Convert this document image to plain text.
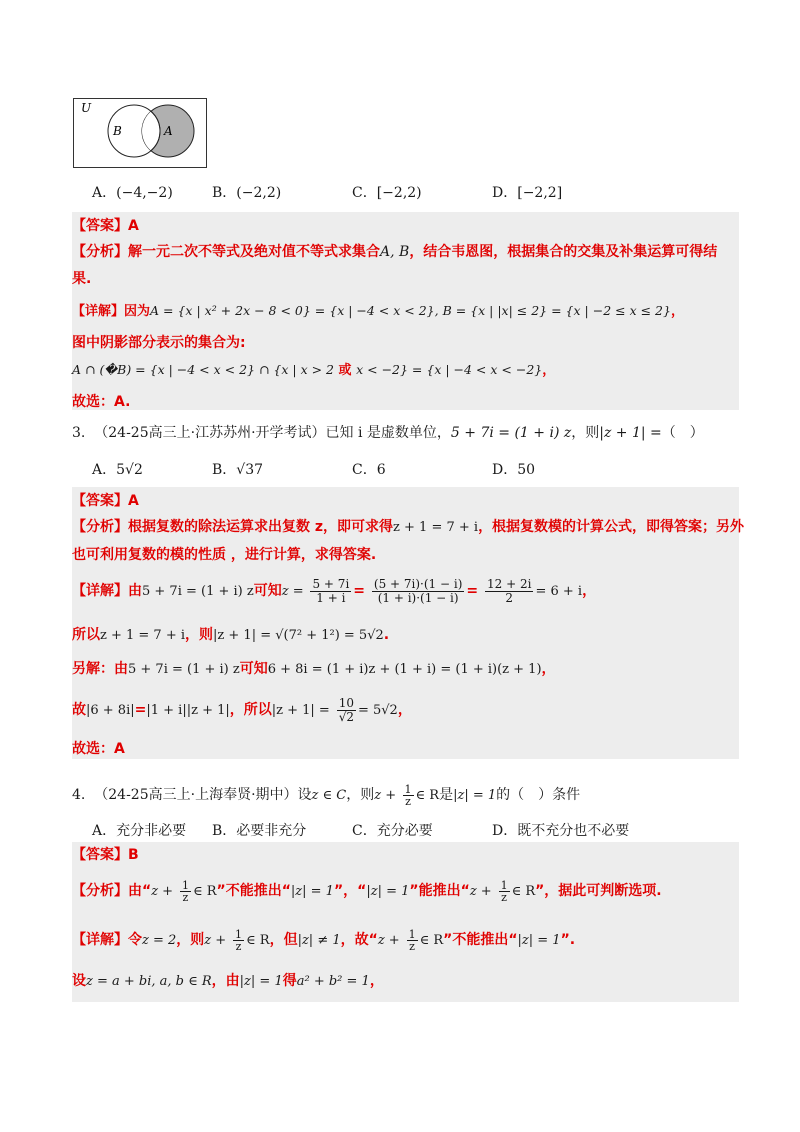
U
B	A
A．(−4,−2)	B．(−2,2)	C．[−2,2)	D．[−2,2]
【答案】A
【分析】解一元二次不等式及绝对值不等式求集合A, B，结合韦恩图，根据集合的交集及补集运算可得结
果.
【详解】因为A = {x | x² + 2x − 8 < 0} = {x | −4 < x < 2}, B = {x | |x| ≤ 2} = {x | −2 ≤ x ≤ 2}，
图中阴影部分表示的集合为:
A ∩ (�B) = {x | −4 < x < 2} ∩ {x | x > 2 或 x < −2} = {x | −4 < x < −2}，
故选：A.
3. （24-25高三上·江苏苏州·开学考试）已知 i 是虚数单位，5 + 7i = (1 + i) z，则|z + 1| =（　）
A．5√2	B．√37	C．6	D．50
【答案】A
【分析】根据复数的除法运算求出复数 z，即可求得z + 1 = 7 + i，根据复数模的计算公式，即得答案；另外
也可利用复数的模的性质 ，进行计算，求得答案.
【详解】由5 + 7i = (1 + i) z可知$z = \frac{5 + 7i}{1 + i} = \frac{(5 + 7i)\cdot(1 - i)}{(1 + i)\cdot(1 - i)} = \frac{12 + 2i}{2} = 6 + i$，
所以z + 1 = 7 + i，则|z + 1| = √(7² + 1²) = 5√2.
另解：由5 + 7i = (1 + i) z可知6 + 8i = (1 + i)z + (1 + i) = (1 + i)(z + 1)，
故|6 + 8i|=|1 + i||z + 1|，所以$|z + 1| = \frac{10}{√2} = 5√2$，
故选：A
4. （24-25高三上·上海奉贤·期中）设z ∈ C，则$z + \frac{1}{z}$ ∈ R是|z| = 1的（　）条件
A．充分非必要 B．必要非充分	C．充分必要	D．既不充分也不必要
【答案】B
【分析】由“$z + \frac{1}{z}$ ∈ R”不能推出“|z| = 1”，“|z| = 1”能推出“$z + \frac{1}{z}$ ∈ R”，据此可判断选项.
【详解】令z = 2，则$z + \frac{1}{z}$ ∈ R，但|z| ≠ 1，故“$z + \frac{1}{z}$ ∈ R”不能推出“|z| = 1”.
设z = a + bi, a, b ∈ R，由|z| = 1得a² + b² = 1，
